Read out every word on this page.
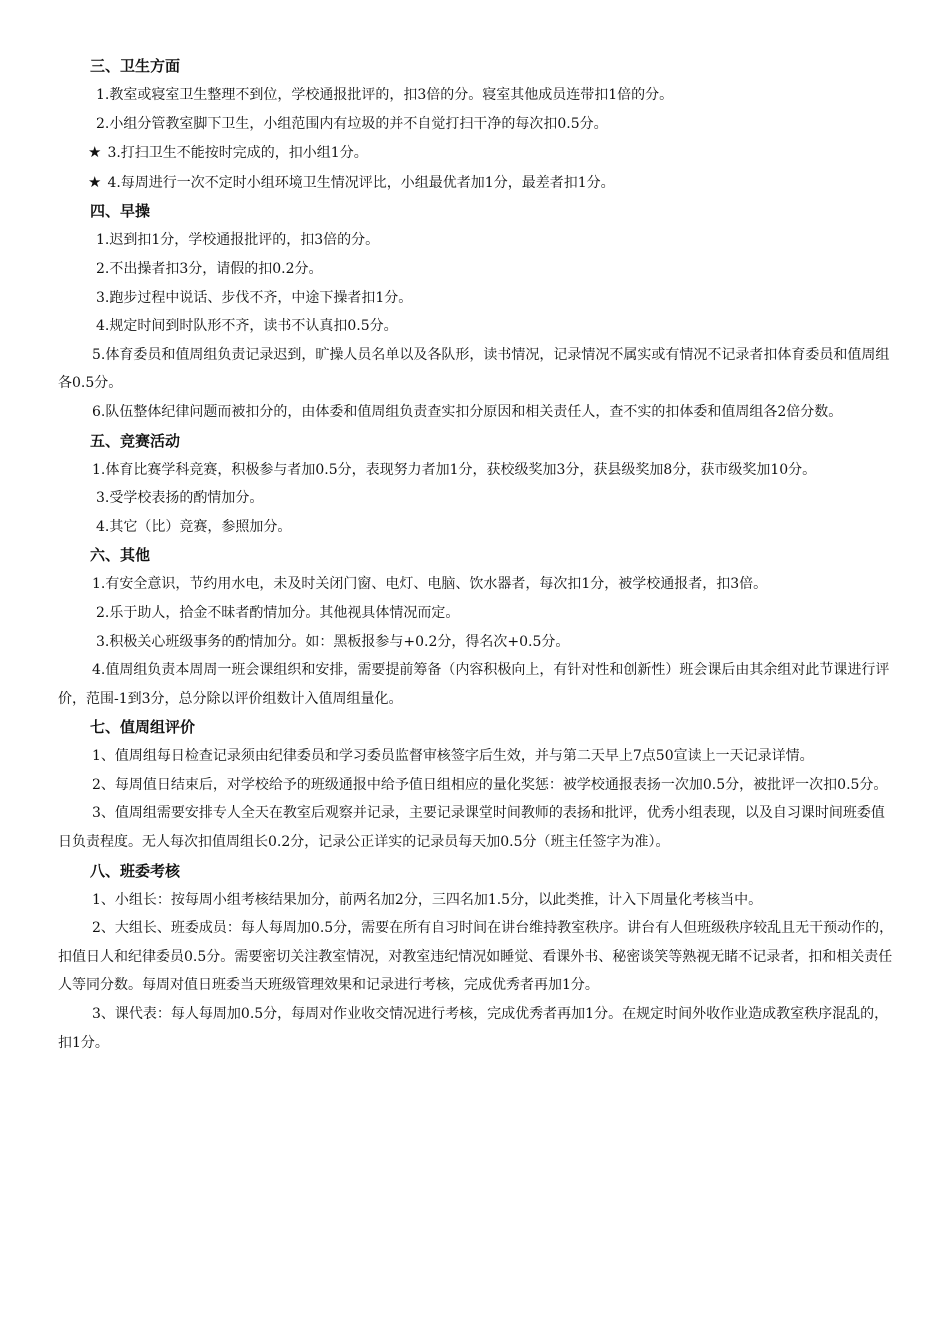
三、卫生方面

1.教室或寝室卫生整理不到位，学校通报批评的，扣3倍的分。寝室其他成员连带扣1倍的分。

2.小组分管教室脚下卫生，小组范围内有垃圾的并不自觉打扫干净的每次扣0.5分。

★ 3.打扫卫生不能按时完成的，扣小组1分。

★ 4.每周进行一次不定时小组环境卫生情况评比，小组最优者加1分，最差者扣1分。

四、早操

1.迟到扣1分，学校通报批评的，扣3倍的分。

2.不出操者扣3分，请假的扣0.2分。

3.跑步过程中说话、步伐不齐，中途下操者扣1分。

4.规定时间到时队形不齐，读书不认真扣0.5分。

5.体育委员和值周组负责记录迟到，旷操人员名单以及各队形，读书情况，记录情况不属实或有情况不记录者扣体育委员和值周组各0.5分。

6.队伍整体纪律问题而被扣分的，由体委和值周组负责查实扣分原因和相关责任人，查不实的扣体委和值周组各2倍分数。

五、竞赛活动

1.体育比赛学科竞赛，积极参与者加0.5分，表现努力者加1分，获校级奖加3分，获县级奖加8分，获市级奖加10分。

3.受学校表扬的酌情加分。

4.其它（比）竞赛，参照加分。

六、其他

1.有安全意识，节约用水电，未及时关闭门窗、电灯、电脑、饮水器者，每次扣1分，被学校通报者，扣3倍。

2.乐于助人，拾金不昧者酌情加分。其他视具体情况而定。

3.积极关心班级事务的酌情加分。如：黑板报参与+0.2分，得名次+0.5分。

4.值周组负责本周周一班会课组织和安排，需要提前筹备（内容积极向上，有针对性和创新性）班会课后由其余组对此节课进行评价，范围-1到3分，总分除以评价组数计入值周组量化。

七、值周组评价

1、值周组每日检查记录须由纪律委员和学习委员监督审核签字后生效，并与第二天早上7点50宣读上一天记录详情。

2、每周值日结束后，对学校给予的班级通报中给予值日组相应的量化奖惩：被学校通报表扬一次加0.5分，被批评一次扣0.5分。

3、值周组需要安排专人全天在教室后观察并记录，主要记录课堂时间教师的表扬和批评，优秀小组表现，以及自习课时间班委值日负责程度。无人每次扣值周组长0.2分，记录公正详实的记录员每天加0.5分（班主任签字为准）。

八、班委考核

1、小组长：按每周小组考核结果加分，前两名加2分，三四名加1.5分，以此类推，计入下周量化考核当中。

2、大组长、班委成员：每人每周加0.5分，需要在所有自习时间在讲台维持教室秩序。讲台有人但班级秩序较乱且无干预动作的，扣值日人和纪律委员0.5分。需要密切关注教室情况，对教室违纪情况如睡觉、看课外书、秘密谈笑等熟视无睹不记录者，扣和相关责任人等同分数。每周对值日班委当天班级管理效果和记录进行考核，完成优秀者再加1分。

3、课代表：每人每周加0.5分，每周对作业收交情况进行考核，完成优秀者再加1分。在规定时间外收作业造成教室秩序混乱的，扣1分。
